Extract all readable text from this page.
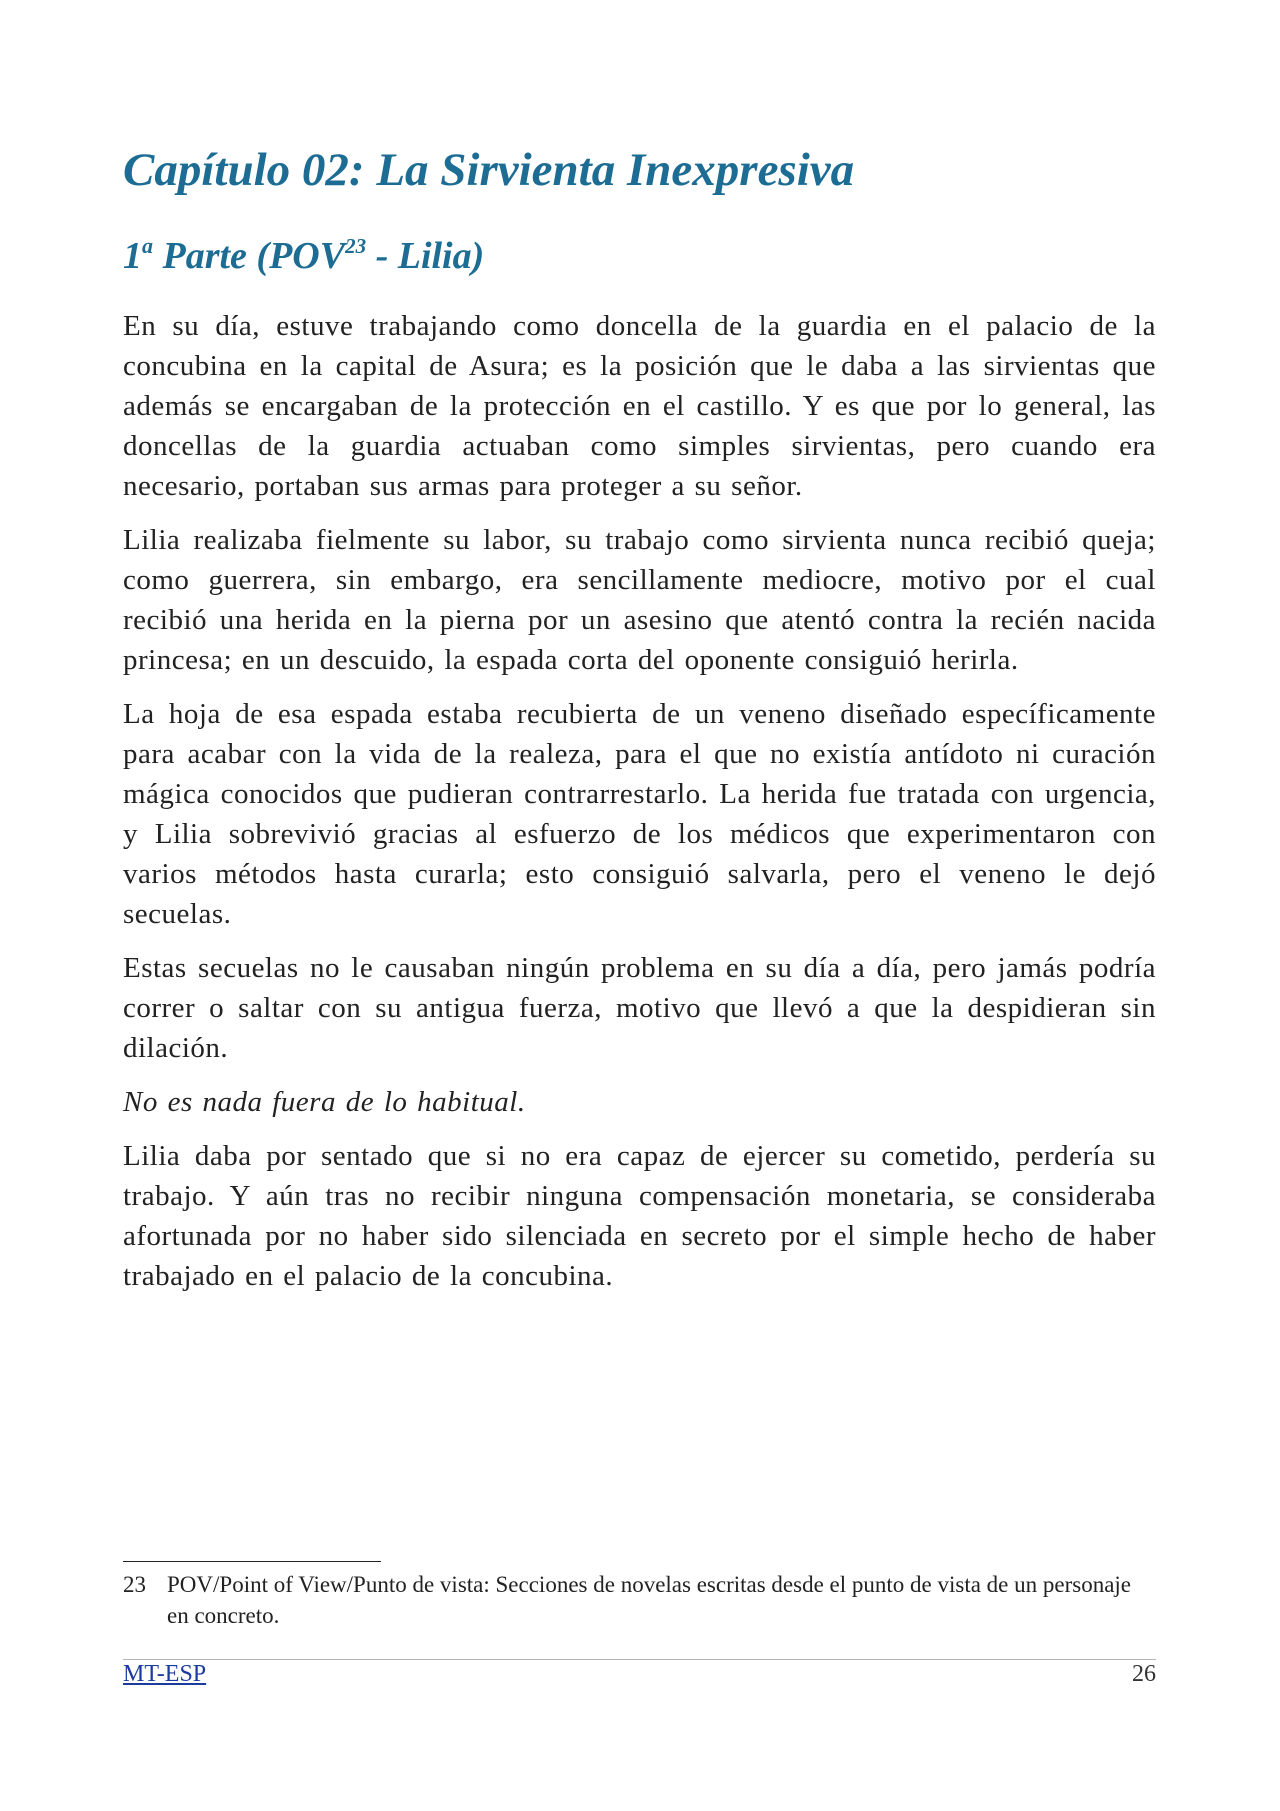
Capítulo 02: La Sirvienta Inexpresiva
1$^a$ Parte (POV$^{23}$ - Lilia)

En su día, estuve trabajando como doncella de la guardia en el palacio de la concubina en la capital de Asura; es la posición que le daba a las sirvientas que además se encargaban de la protección en el castillo. Y es que por lo general, las doncellas de la guardia actuaban como simples sirvientas, pero cuando era necesario, portaban sus armas para proteger a su señor.

Lilia realizaba fielmente su labor, su trabajo como sirvienta nunca recibió queja; como guerrera, sin embargo, era sencillamente mediocre, motivo por el cual recibió una herida en la pierna por un asesino que atentó contra la recién nacida princesa; en un descuido, la espada corta del oponente consiguió herirla.

La hoja de esa espada estaba recubierta de un veneno diseñado específicamente para acabar con la vida de la realeza, para el que no existía antídoto ni curación mágica conocidos que pudieran contrarrestarlo. La herida fue tratada con urgencia, y Lilia sobrevivió gracias al esfuerzo de los médicos que experimentaron con varios métodos hasta curarla; esto consiguió salvarla, pero el veneno le dejó secuelas.

Estas secuelas no le causaban ningún problema en su día a día, pero jamás podría correr o saltar con su antigua fuerza, motivo que llevó a que la despidieran sin dilación.

No es nada fuera de lo habitual.

Lilia daba por sentado que si no era capaz de ejercer su cometido, perdería su trabajo. Y aún tras no recibir ninguna compensación monetaria, se consideraba afortunada por no haber sido silenciada en secreto por el simple hecho de haber trabajado en el palacio de la concubina.

23 POV/Point of View/Punto de vista: Secciones de novelas escritas desde el punto de vista de un personaje en concreto.
MT-ESP	26
